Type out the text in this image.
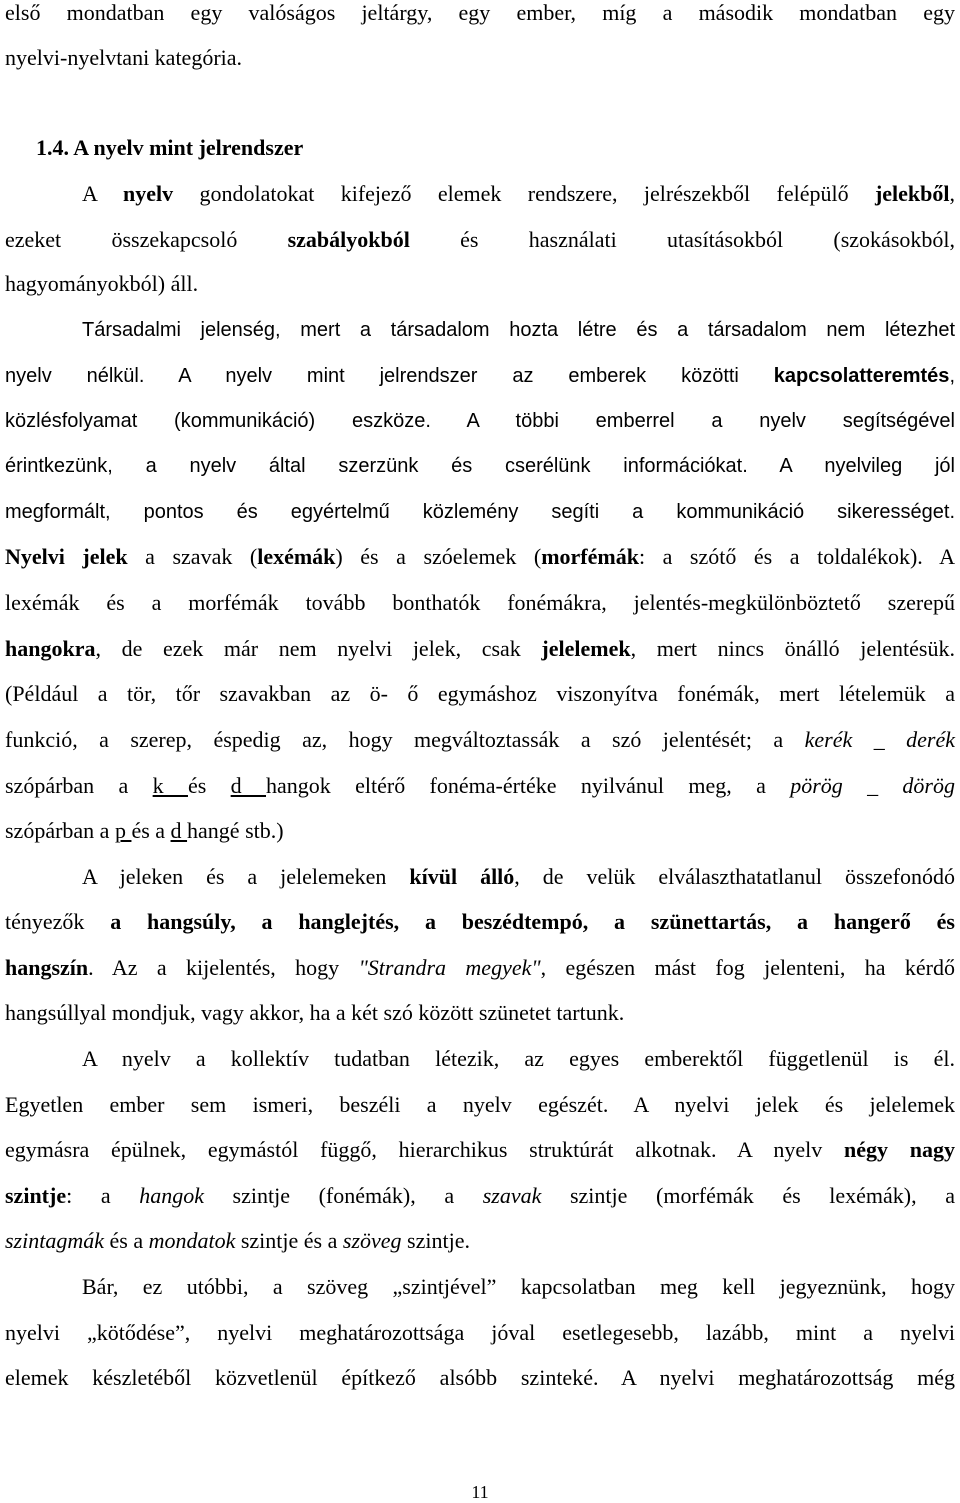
első mondatban egy valóságos jeltárgy, egy ember, míg a második mondatban egy
nyelvi-nyelvtani kategória.
1.4. A nyelv mint jelrendszer
A nyelv gondolatokat kifejező elemek rendszere, jelrészekből felépülő jelekből,
ezeket összekapcsoló szabályokból és használati utasításokból (szokásokból,
hagyományokból) áll.
Társadalmi jelenség, mert a társadalom hozta létre és a társadalom nem létezhet
nyelv nélkül. A nyelv mint jelrendszer az emberek közötti kapcsolatteremtés,
közlésfolyamat (kommunikáció) eszköze. A többi emberrel a nyelv segítségével
érintkezünk, a nyelv által szerzünk és cserélünk információkat. A nyelvileg jól
megformált, pontos és egyértelmű közlemény segíti a kommunikáció sikerességet.
Nyelvi jelek a szavak (lexémák) és a szóelemek (morfémák: a szótő és a toldalékok). A
lexémák és a morfémák tovább bonthatók fonémákra, jelentés-megkülönböztető szerepű
hangokra, de ezek már nem nyelvi jelek, csak jelelemek, mert nincs önálló jelentésük.
(Például a tör, tőr szavakban az ö- ő egymáshoz viszonyítva fonémák, mert lételemük a
funkció, a szerep, éspedig az, hogy megváltoztassák a szó jelentését; a kerék _ derék
szópárban a k és d hangok eltérő fonéma-értéke nyilvánul meg, a pörög _ dörög
szópárban a p és a d hangé stb.)
A jeleken és a jelelemeken kívül álló, de velük elválaszthatatlanul összefonódó
tényezők a hangsúly, a hanglejtés, a beszédtempó, a szünettartás, a hangerő és
hangszín. Az a kijelentés, hogy "Strandra megyek", egészen mást fog jelenteni, ha kérdő
hangsúllyal mondjuk, vagy akkor, ha a két szó között szünetet tartunk.
A nyelv a kollektív tudatban létezik, az egyes emberektől függetlenül is él.
Egyetlen ember sem ismeri, beszéli a nyelv egészét. A nyelvi jelek és jelelemek
egymásra épülnek, egymástól függő, hierarchikus struktúrát alkotnak. A nyelv négy nagy
szintje: a hangok szintje (fonémák), a szavak szintje (morfémák és lexémák), a
szintagmák és a mondatok szintje és a szöveg szintje.
Bár, ez utóbbi, a szöveg „szintjével” kapcsolatban meg kell jegyeznünk, hogy
nyelvi „kötődése”, nyelvi meghatározottsága jóval esetlegesebb, lazább, mint a nyelvi
elemek készletéből közvetlenül építkező alsóbb szinteké. A nyelvi meghatározottság még
11
